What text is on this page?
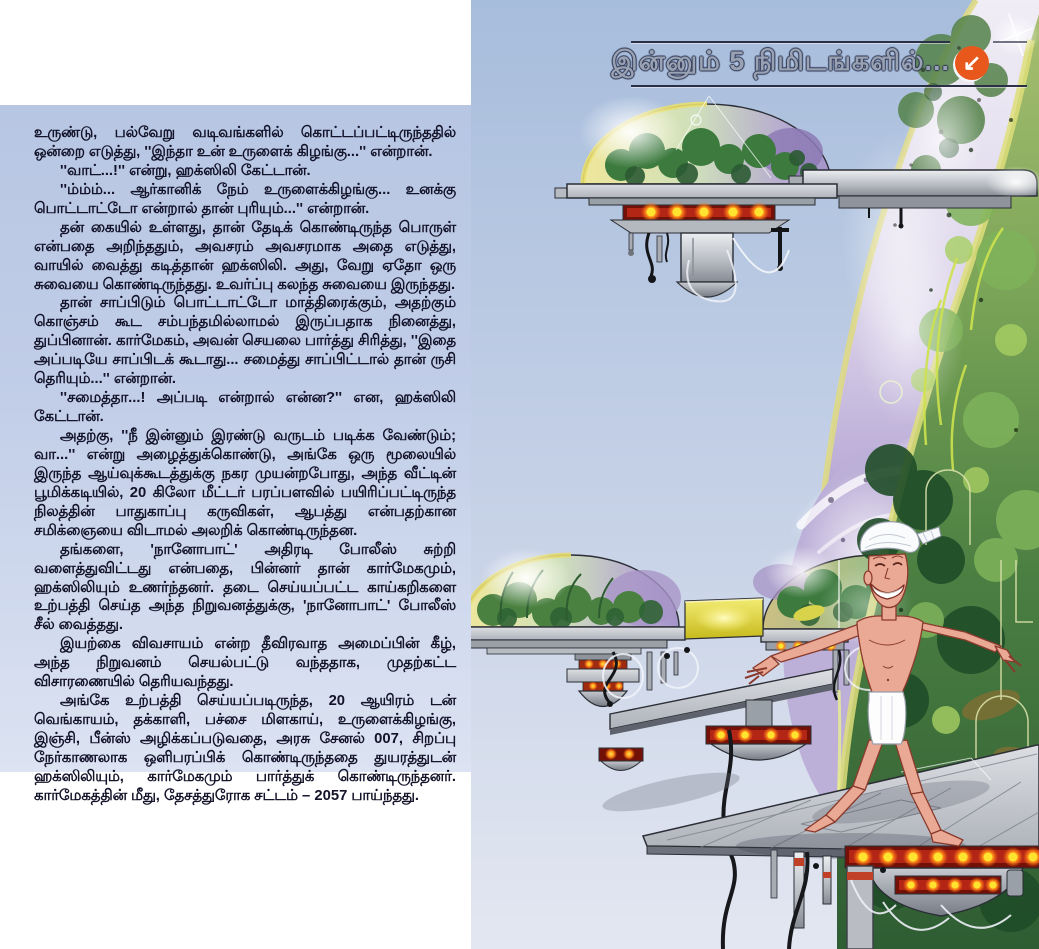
உருண்டு, பல்வேறு வடிவங்களில் கொட்டப்பட்டிருந்ததில் ஒன்றை எடுத்து, ''இந்தா உன் உருளைக் கிழங்கு...'' என்றான்.

''வாட்...!'' என்று, ஹக்ஸிலி கேட்டான்.

''ம்ம்ம்... ஆர்கானிக் நேம் உருளைக்கிழங்கு... உனக்கு பொட்டாட்டோ என்றால் தான் புரியும்...'' என்றான்.

தன் கையில் உள்ளது, தான் தேடிக் கொண்டிருந்த பொருள் என்பதை அறிந்ததும், அவசரம் அவசரமாக அதை எடுத்து, வாயில் வைத்து கடித்தான் ஹக்ஸிலி. அது, வேறு ஏதோ ஒரு சுவையை கொண்டிருந்தது. உவர்ப்பு கலந்த சுவையை இருந்தது.

தான் சாப்பிடும் பொட்டாட்டோ மாத்திரைக்கும், அதற்கும் கொஞ்சம் கூட சம்பந்தமில்லாமல் இருப்பதாக நினைத்து, துப்பினான். கார்மேகம், அவன் செயலை பார்த்து சிரித்து, ''இதை அப்படியே சாப்பிடக் கூடாது... சமைத்து சாப்பிட்டால் தான் ருசி தெரியும்...'' என்றான்.

''சமைத்தா...! அப்படி என்றால் என்ன?'' என, ஹக்ஸிலி கேட்டான்.

அதற்கு, ''நீ இன்னும் இரண்டு வருடம் படிக்க வேண்டும்; வா...'' என்று அழைத்துக்கொண்டு, அங்கே ஒரு மூலையில் இருந்த ஆய்வுக்கூடத்துக்கு நகர முயன்றபோது, அந்த வீட்டின் பூமிக்கடியில், 20 கிலோ மீட்டர் பரப்பளவில் பயிரிப்பட்டிருந்த நிலத்தின் பாதுகாப்பு கருவிகள், ஆபத்து என்பதற்கான சமிக்ஞையை விடாமல் அலறிக் கொண்டிருந்தன.

தங்களை, 'நானோபாட்' அதிரடி போலீஸ் சுற்றி வளைத்துவிட்டது என்பதை, பின்னர் தான் கார்மேகமும், ஹக்ஸிலியும் உணர்ந்தனர். தடை செய்யப்பட்ட காய்கறிகளை உற்பத்தி செய்த அந்த நிறுவனத்துக்கு, 'நானோபாட்' போலீஸ் சீல் வைத்தது.

இயற்கை விவசாயம் என்ற தீவிரவாத அமைப்பின் கீழ், அந்த நிறுவனம் செயல்பட்டு வந்ததாக, முதற்கட்ட விசாரணையில் தெரியவந்தது.

அங்கே உற்பத்தி செய்யப்படிருந்த, 20 ஆயிரம் டன் வெங்காயம், தக்காளி, பச்சை மிளகாய், உருளைக்கிழங்கு, இஞ்சி, பீன்ஸ் அழிக்கப்படுவதை, அரசு சேனல் 007, சிறப்பு நேர்காணலாக ஒளிபரப்பிக் கொண்டிருந்ததை துயரத்துடன் ஹக்ஸிலியும், கார்மேகமும் பார்த்துக் கொண்டிருந்தனர். கார்மேகத்தின் மீது, தேசத்துரோக சட்டம் – 2057 பாய்ந்தது.

இன்னும் 5 நிமிடங்களில்... ↙
